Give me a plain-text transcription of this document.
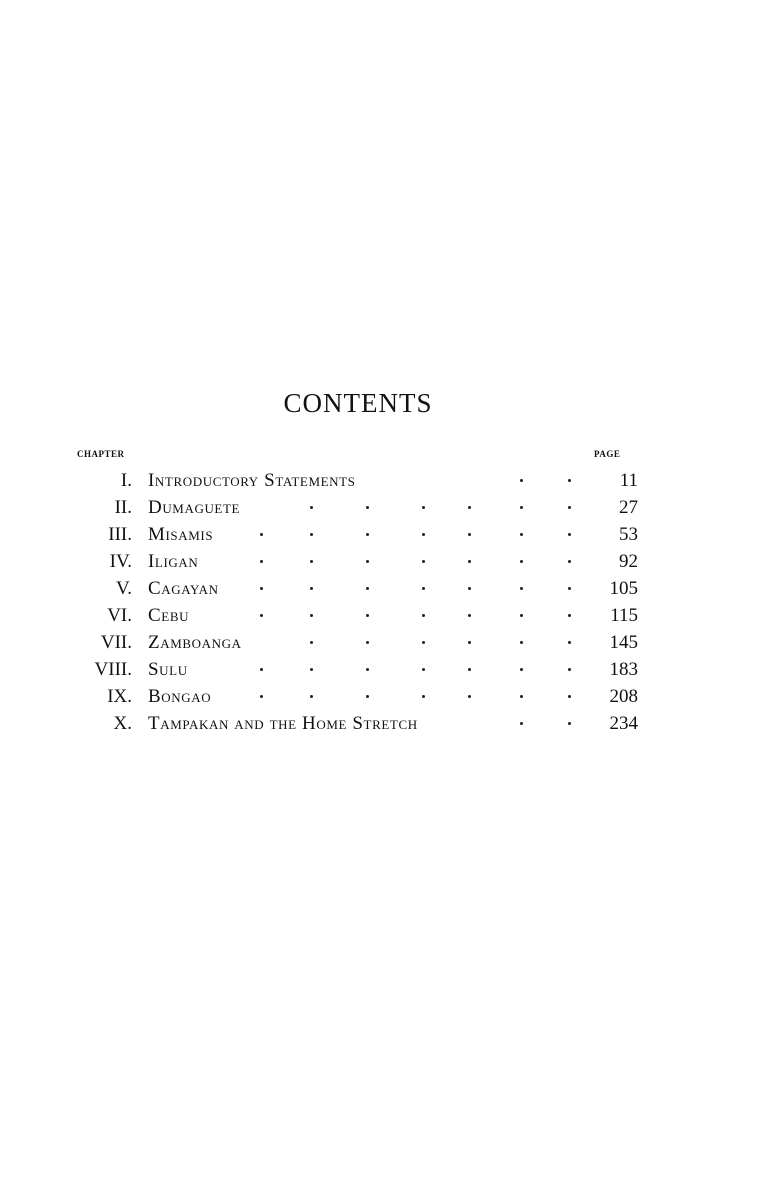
CONTENTS
CHAPTER	PAGE
I. Introductory Statements	11
II. Dumaguete	27
III. Misamis	53
IV. Iligan	92
V. Cagayan	105
VI. Cebu	115
VII. Zamboanga	145
VIII. Sulu	183
IX. Bongao	208
X. Tampakan and the Home Stretch	234
